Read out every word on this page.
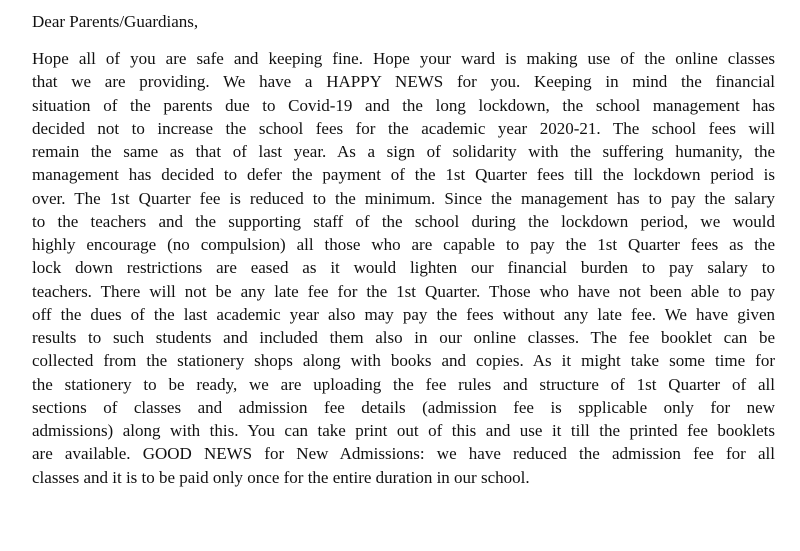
Dear Parents/Guardians,
Hope all of you are safe and keeping fine. Hope your ward is making use of the online classes
that we are providing. We have a HAPPY NEWS for you. Keeping in mind the financial
situation of the parents due to Covid-19 and the long lockdown, the school management has
decided not to increase the school fees for the academic year 2020-21. The school fees will
remain the same as that of last year. As a sign of solidarity with the suffering humanity, the
management has decided to defer the payment of the 1st Quarter fees till the lockdown period is
over. The 1st Quarter fee is reduced to the minimum. Since the management has to pay the salary
to the teachers and the supporting staff of the school during the lockdown period, we would
highly encourage (no compulsion) all those who are capable to pay the 1st Quarter fees as the
lock down restrictions are eased as it would lighten our financial burden to pay salary to
teachers. There will not be any late fee for the 1st Quarter. Those who have not been able to pay
off the dues of the last academic year also may pay the fees without any late fee. We have given
results to such students and included them also in our online classes. The fee booklet can be
collected from the stationery shops along with books and copies. As it might take some time for
the stationery to be ready, we are uploading the fee rules and structure of 1st Quarter of all
sections of classes and admission fee details (admission fee is spplicable only for new
admissions) along with this. You can take print out of this and use it till the printed fee booklets
are available. GOOD NEWS for New Admissions: we have reduced the admission fee for all
classes and it is to be paid only once for the entire duration in our school.
